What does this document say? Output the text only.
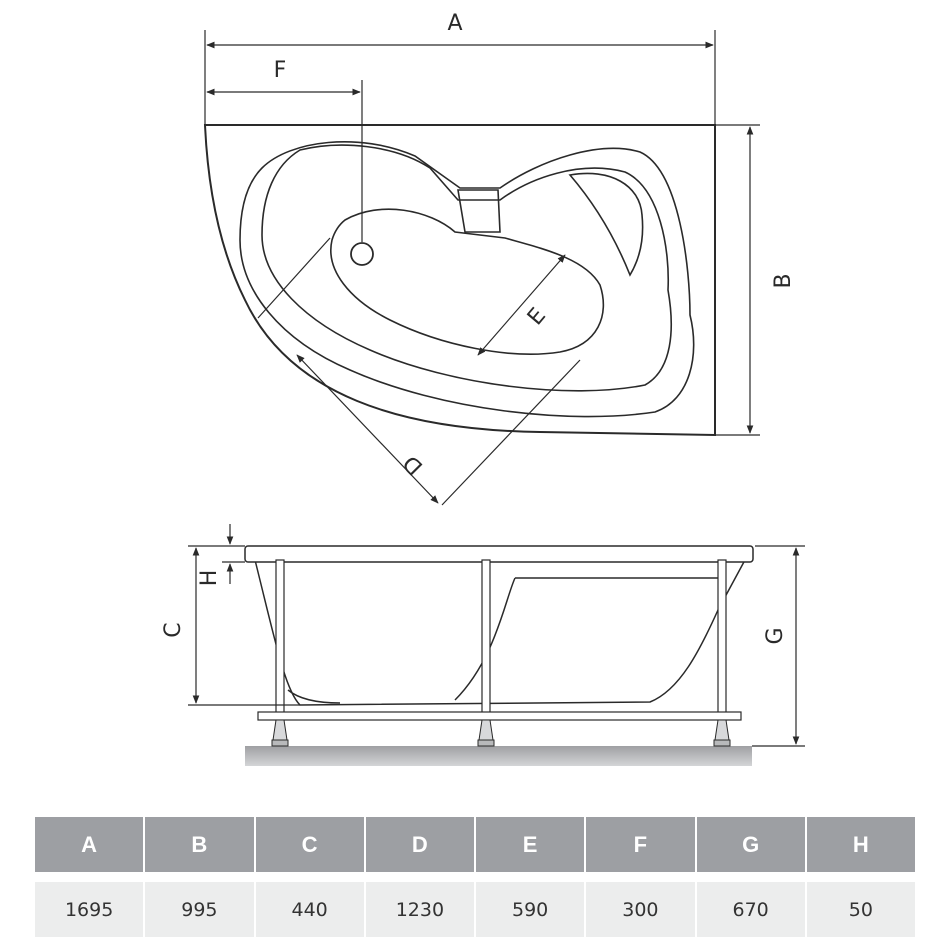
A
F
B
E
D
C
H
G
A	B	C	D	E	F	G	H

1695	995	440	1230	590	300	670	50
